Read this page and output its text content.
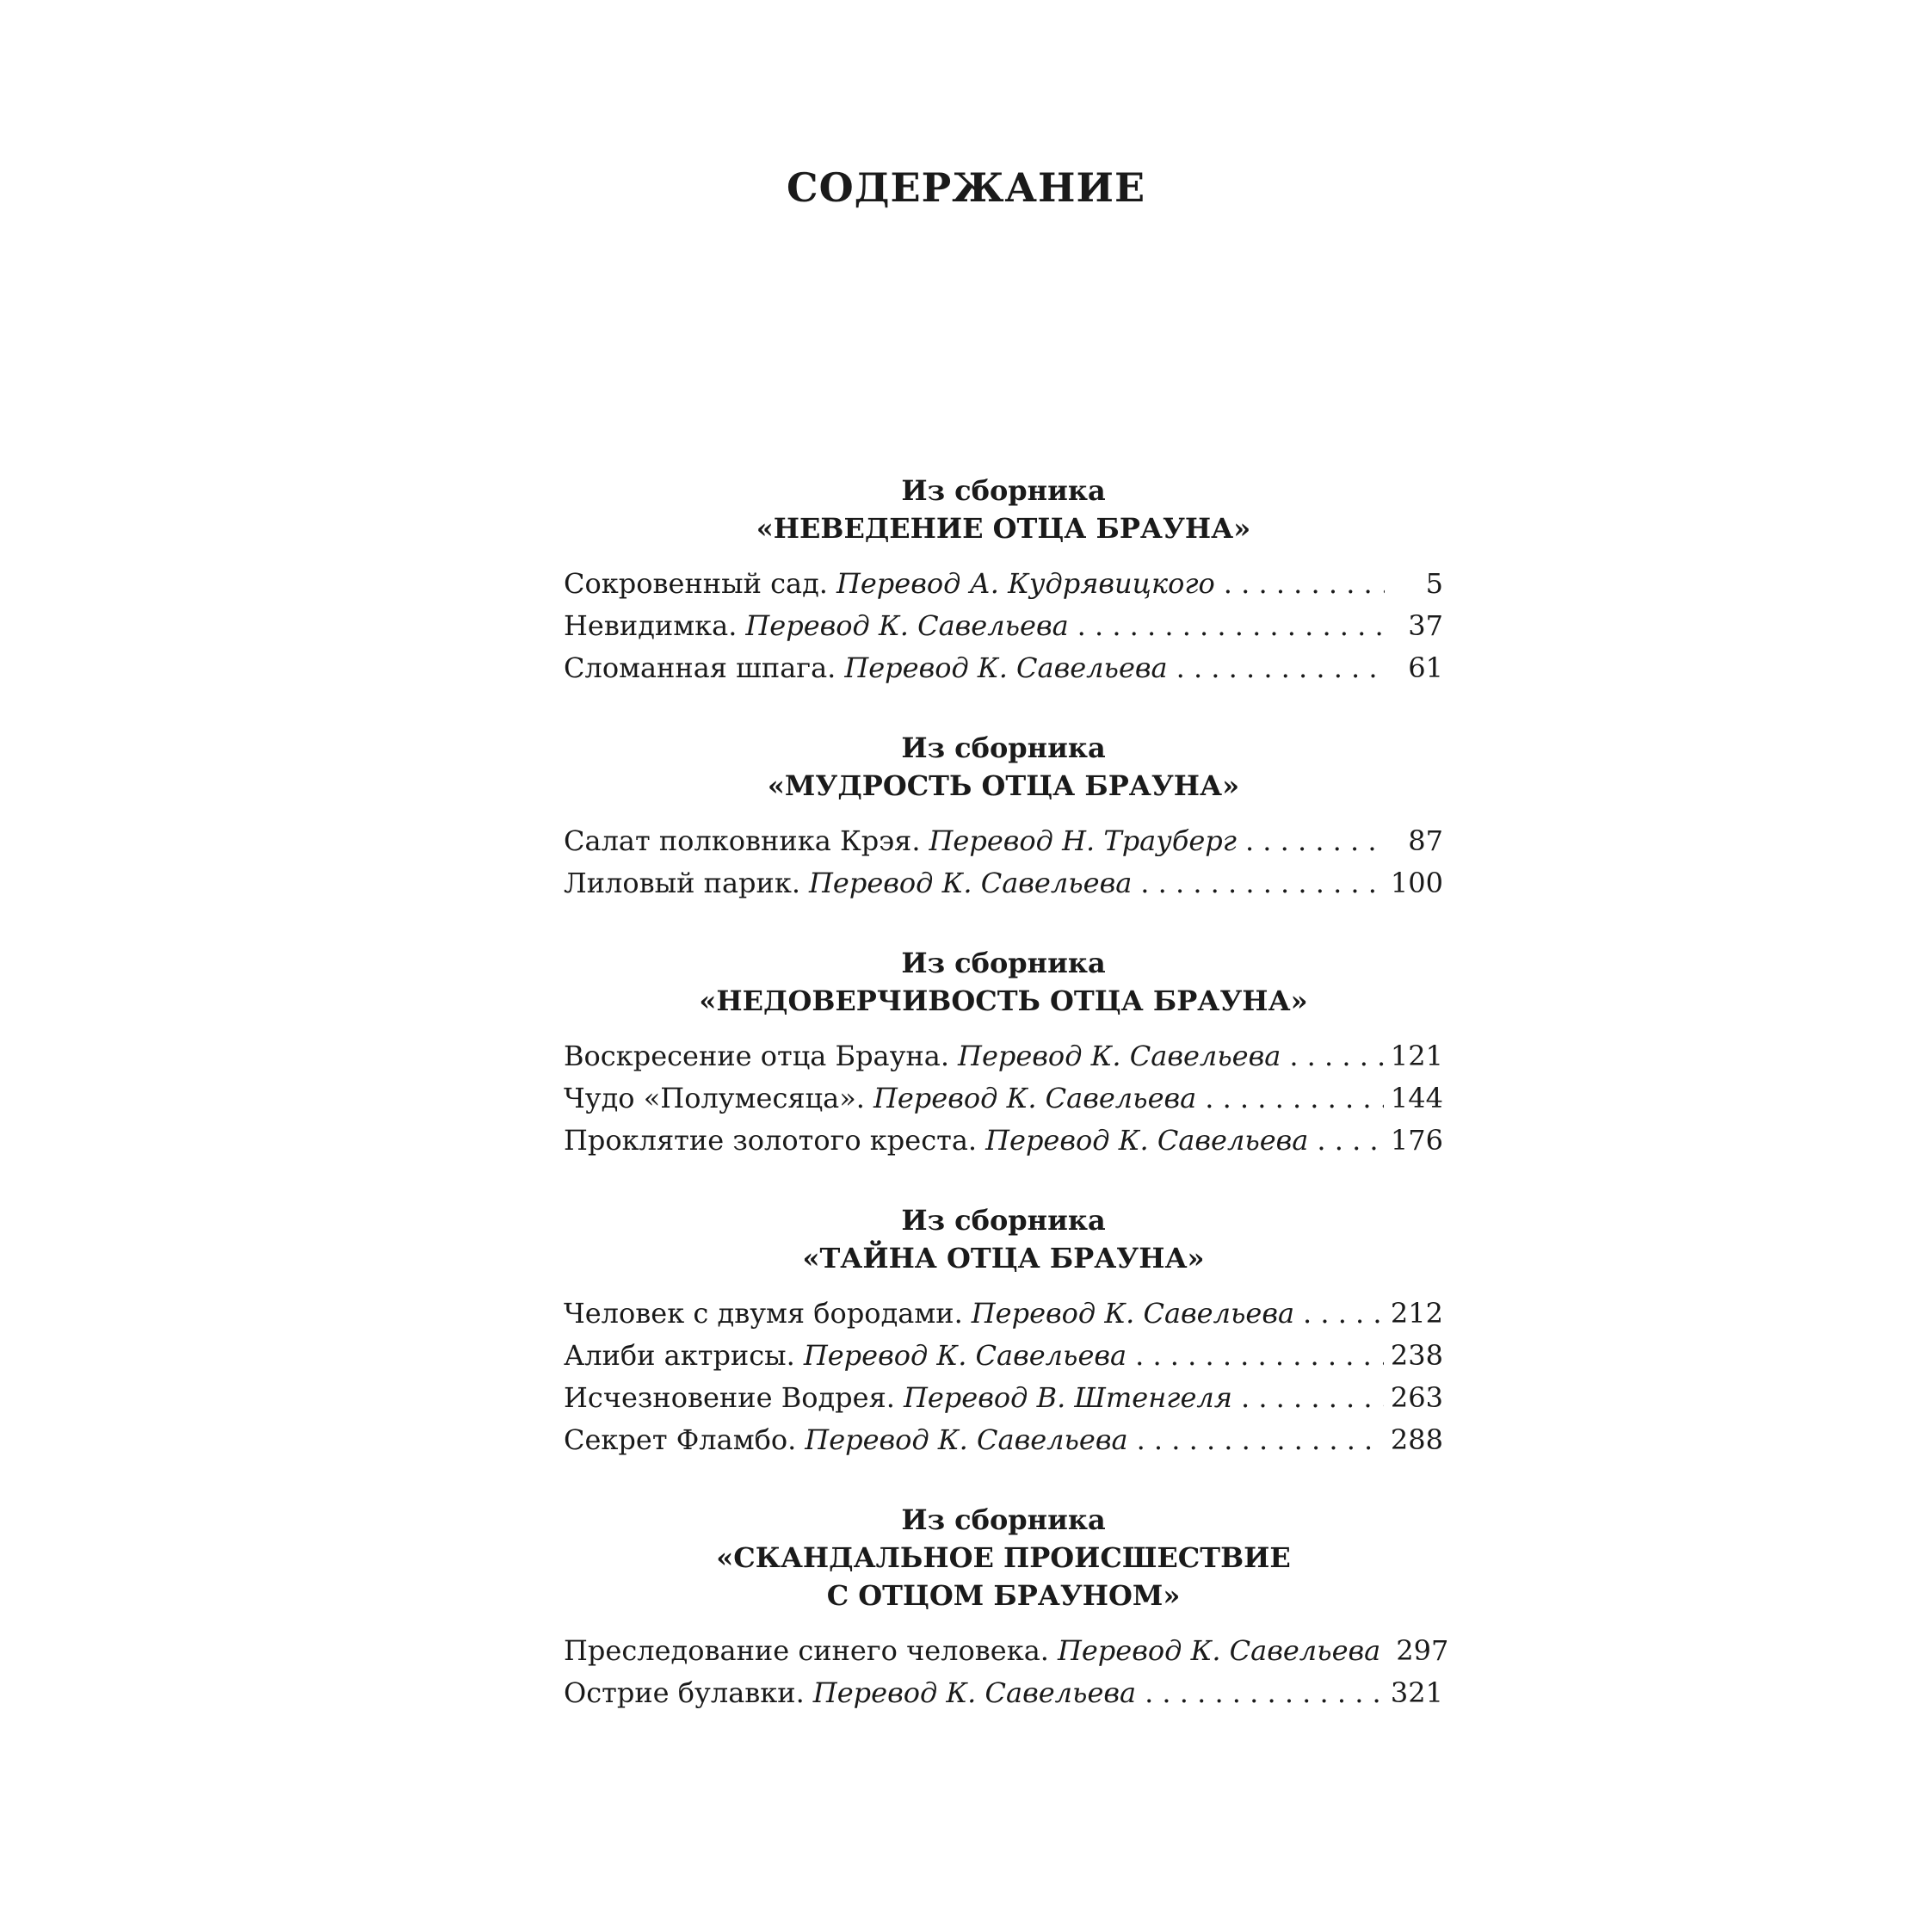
СОДЕРЖАНИЕ
Из сборника
«НЕВЕДЕНИЕ ОТЦА БРАУНА»
Сокровенный сад. Перевод А. Кудрявицкого . . .	5
Невидимка. Перевод К. Савельева . . .	37
Сломанная шпага. Перевод К. Савельева . . .	61
Из сборника
«МУДРОСТЬ ОТЦА БРАУНА»
Салат полковника Крэя. Перевод Н. Трауберг . . .	87
Лиловый парик. Перевод К. Савельева . . .	100
Из сборника
«НЕДОВЕРЧИВОСТЬ ОТЦА БРАУНА»
Воскресение отца Брауна. Перевод К. Савельева . . .	121
Чудо «Полумесяца». Перевод К. Савельева . . .	144
Проклятие золотого креста. Перевод К. Савельева . . .	176
Из сборника
«ТАЙНА ОТЦА БРАУНА»
Человек с двумя бородами. Перевод К. Савельева . . .	212
Алиби актрисы. Перевод К. Савельева . . .	238
Исчезновение Водрея. Перевод В. Штенгеля . . .	263
Секрет Фламбо. Перевод К. Савельева . . .	288
Из сборника
«СКАНДАЛЬНОЕ ПРОИСШЕСТВИЕ
С ОТЦОМ БРАУНОМ»
Преследование синего человека. Перевод К. Савельева 297
Острие булавки. Перевод К. Савельева . . .	321
